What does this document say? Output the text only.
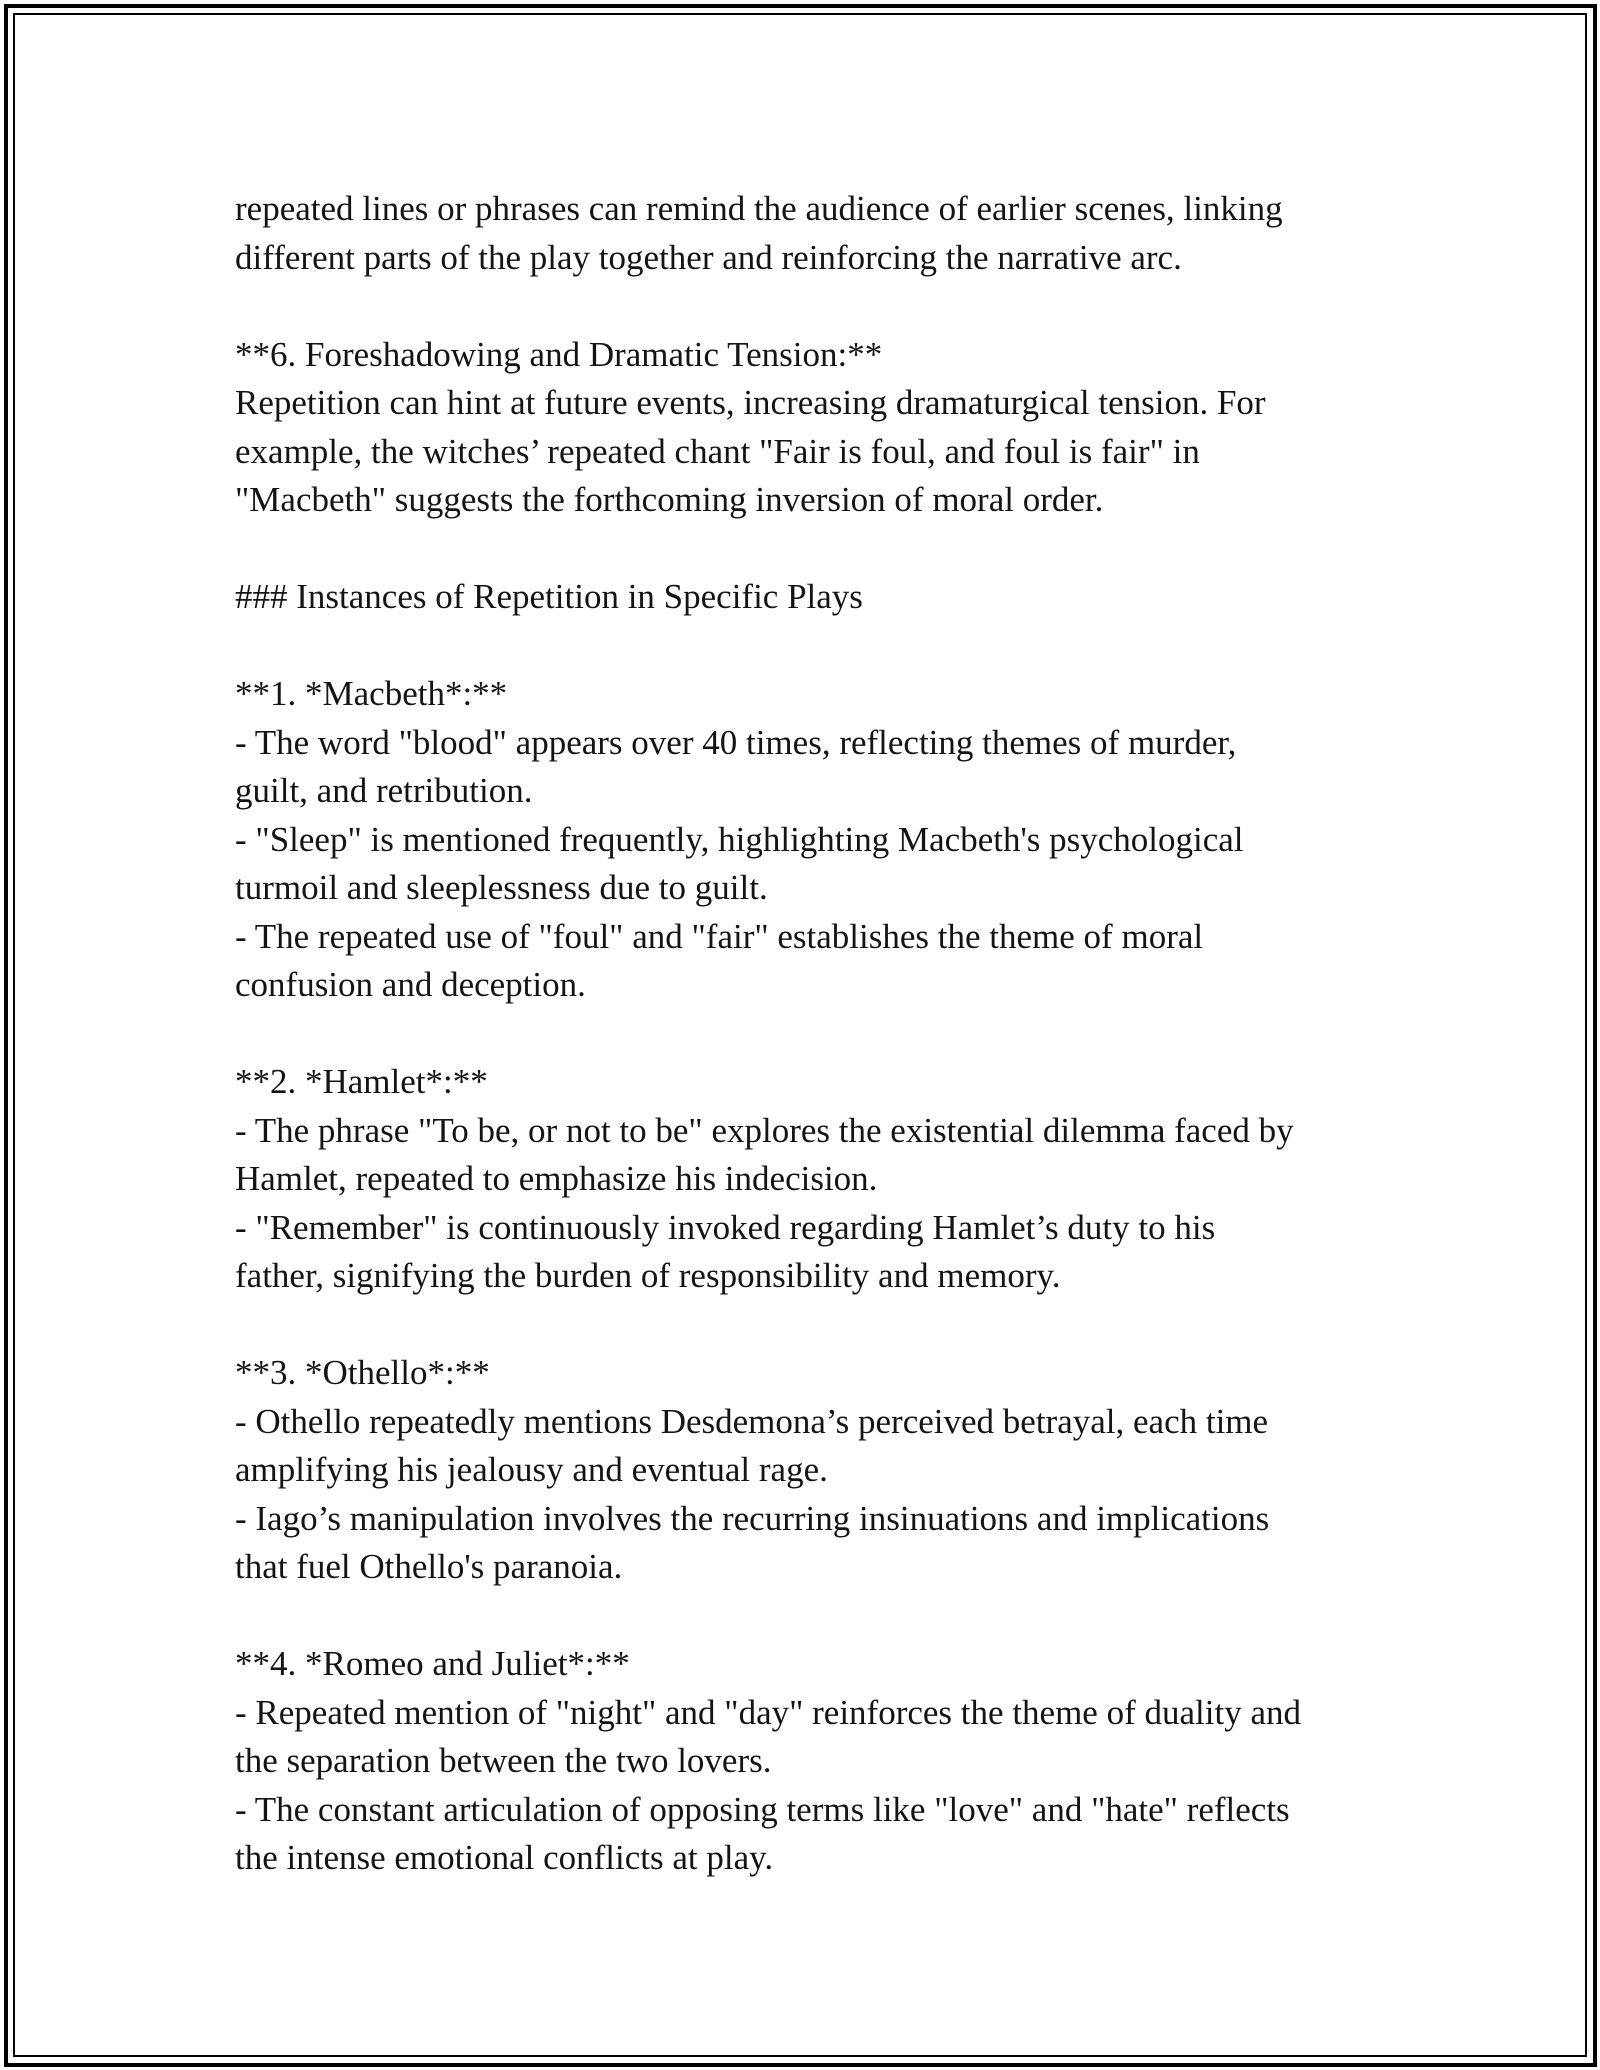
repeated lines or phrases can remind the audience of earlier scenes, linking
different parts of the play together and reinforcing the narrative arc.
**6. Foreshadowing and Dramatic Tension:**
Repetition can hint at future events, increasing dramaturgical tension. For
example, the witches’ repeated chant "Fair is foul, and foul is fair" in
"Macbeth" suggests the forthcoming inversion of moral order.
### Instances of Repetition in Specific Plays
**1. *Macbeth*:**
- The word "blood" appears over 40 times, reflecting themes of murder,
guilt, and retribution.
- "Sleep" is mentioned frequently, highlighting Macbeth's psychological
turmoil and sleeplessness due to guilt.
- The repeated use of "foul" and "fair" establishes the theme of moral
confusion and deception.
**2. *Hamlet*:**
- The phrase "To be, or not to be" explores the existential dilemma faced by
Hamlet, repeated to emphasize his indecision.
- "Remember" is continuously invoked regarding Hamlet’s duty to his
father, signifying the burden of responsibility and memory.
**3. *Othello*:**
- Othello repeatedly mentions Desdemona’s perceived betrayal, each time
amplifying his jealousy and eventual rage.
- Iago’s manipulation involves the recurring insinuations and implications
that fuel Othello's paranoia.
**4. *Romeo and Juliet*:**
- Repeated mention of "night" and "day" reinforces the theme of duality and
the separation between the two lovers.
- The constant articulation of opposing terms like "love" and "hate" reflects
the intense emotional conflicts at play.
